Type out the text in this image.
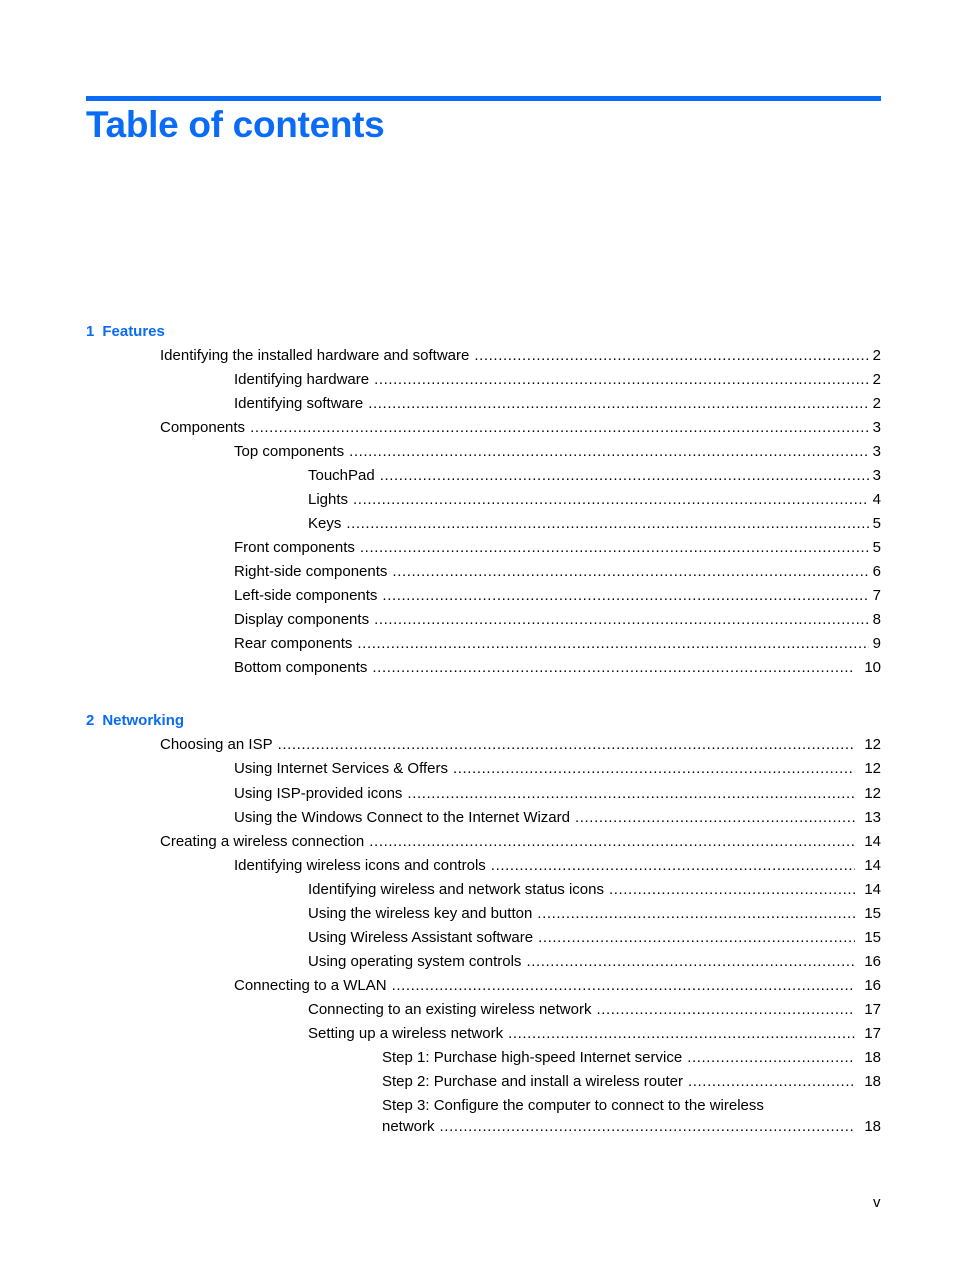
Table of contents
1 Features
Identifying the installed hardware and software .....	2
Identifying hardware .....	2
Identifying software .....	2
Components .....	3
Top components .....	3
TouchPad .....	3
Lights .....	4
Keys .....	5
Front components .....	5
Right-side components .....	6
Left-side components .....	7
Display components .....	8
Rear components .....	9
Bottom components .....	10
2 Networking
Choosing an ISP .....	12
Using Internet Services & Offers .....	12
Using ISP-provided icons .....	12
Using the Windows Connect to the Internet Wizard .....	13
Creating a wireless connection .....	14
Identifying wireless icons and controls .....	14
Identifying wireless and network status icons .....	14
Using the wireless key and button .....	15
Using Wireless Assistant software .....	15
Using operating system controls .....	16
Connecting to a WLAN .....	16
Connecting to an existing wireless network .....	17
Setting up a wireless network .....	17
Step 1: Purchase high-speed Internet service .....	18
Step 2: Purchase and install a wireless router .....	18
Step 3: Configure the computer to connect to the wireless
network .....	18
v
